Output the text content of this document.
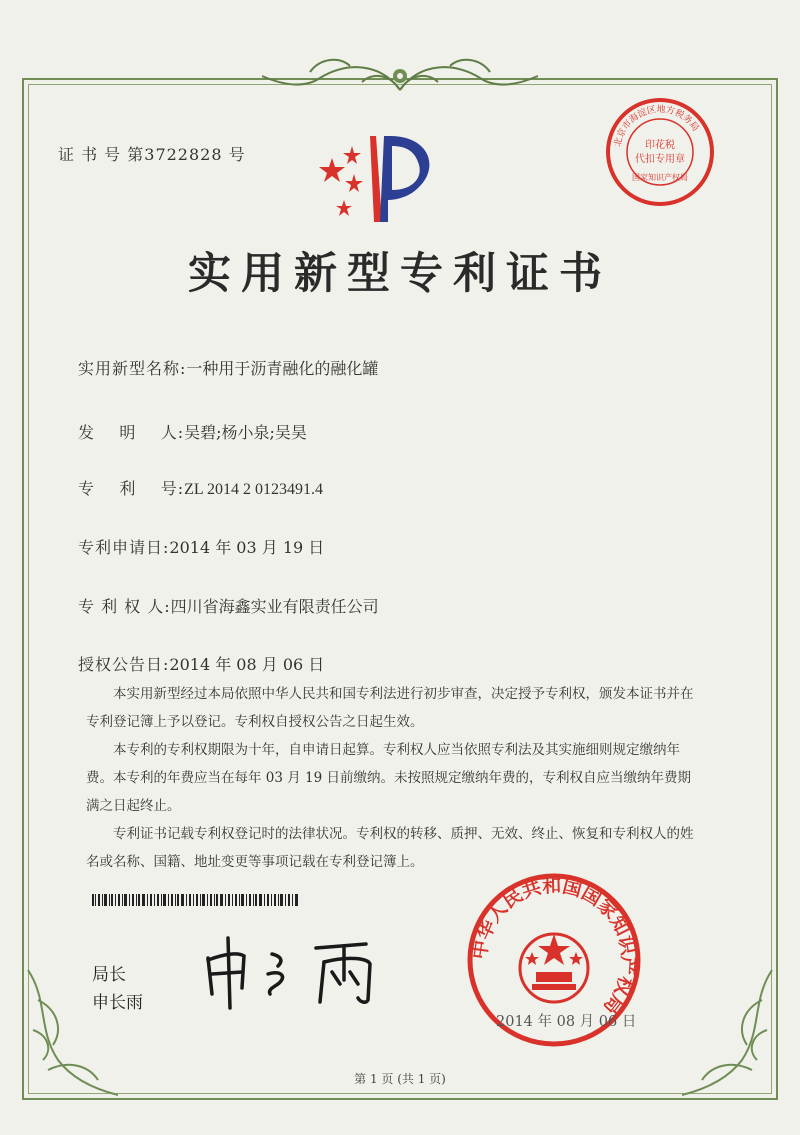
证 书 号 第3722828 号
实用新型专利证书
实用新型名称:一种用于沥青融化的融化罐
发    明    人:吴碧;杨小泉;吴昊
专    利    号:ZL 2014 2 0123491.4
专利申请日:2014 年 03 月 19 日
专 利 权 人:四川省海鑫实业有限责任公司
授权公告日:2014 年 08 月 06 日

本实用新型经过本局依照中华人民共和国专利法进行初步审查，决定授予专利权，颁发本证书并在专利登记簿上予以登记。专利权自授权公告之日起生效。

本专利的专利权期限为十年，自申请日起算。专利权人应当依照专利法及其实施细则规定缴纳年费。本专利的年费应当在每年 03 月 19 日前缴纳。未按照规定缴纳年费的，专利权自应当缴纳年费期满之日起终止。

专利证书记载专利权登记时的法律状况。专利权的转移、质押、无效、终止、恢复和专利权人的姓名或名称、国籍、地址变更等事项记载在专利登记簿上。

局长
申长雨
北京市海淀区地方税务局
印花税
代扣专用章
国家知识产权局
中华人民共和国国家知识产权局
2014 年 08 月 06 日
第 1 页 (共 1 页)
